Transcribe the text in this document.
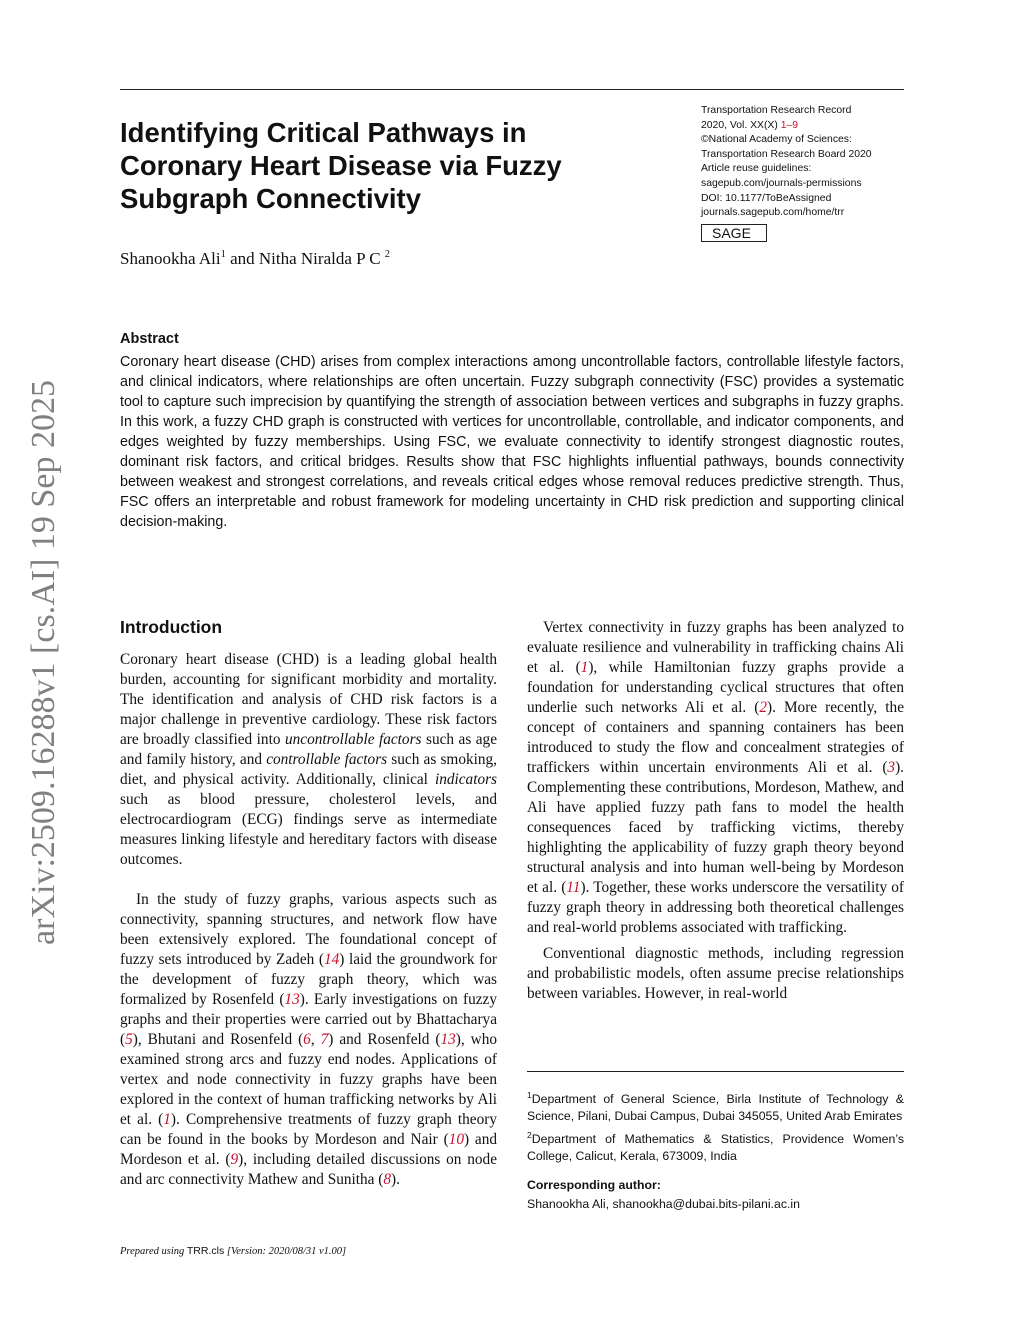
Identifying Critical Pathways in Coronary Heart Disease via Fuzzy Subgraph Connectivity
Transportation Research Record
2020, Vol. XX(X) 1–9
©National Academy of Sciences:
Transportation Research Board 2020
Article reuse guidelines:
sagepub.com/journals-permissions
DOI: 10.1177/ToBeAssigned
journals.sagepub.com/home/trr
SAGE
Shanookha Ali$^1$ and Nitha Niralda P C $^2$
arXiv:2509.16288v1 [cs.AI] 19 Sep 2025
Abstract
Coronary heart disease (CHD) arises from complex interactions among uncontrollable factors, controllable lifestyle factors, and clinical indicators, where relationships are often uncertain. Fuzzy subgraph connectivity (FSC) provides a systematic tool to capture such imprecision by quantifying the strength of association between vertices and subgraphs in fuzzy graphs. In this work, a fuzzy CHD graph is constructed with vertices for uncontrollable, controllable, and indicator components, and edges weighted by fuzzy memberships. Using FSC, we evaluate connectivity to identify strongest diagnostic routes, dominant risk factors, and critical bridges. Results show that FSC highlights influential pathways, bounds connectivity between weakest and strongest correlations, and reveals critical edges whose removal reduces predictive strength. Thus, FSC offers an interpretable and robust framework for modeling uncertainty in CHD risk prediction and supporting clinical decision-making.
Introduction

Coronary heart disease (CHD) is a leading global health burden, accounting for significant morbidity and mortality. The identification and analysis of CHD risk factors is a major challenge in preventive cardiology. These risk factors are broadly classified into uncontrollable factors such as age and family history, and controllable factors such as smoking, diet, and physical activity. Additionally, clinical indicators such as blood pressure, cholesterol levels, and electrocardiogram (ECG) findings serve as intermediate measures linking lifestyle and hereditary factors with disease outcomes.

In the study of fuzzy graphs, various aspects such as connectivity, spanning structures, and network flow have been extensively explored. The foundational concept of fuzzy sets introduced by Zadeh (14) laid the groundwork for the development of fuzzy graph theory, which was formalized by Rosenfeld (13). Early investigations on fuzzy graphs and their properties were carried out by Bhattacharya (5), Bhutani and Rosenfeld (6, 7) and Rosenfeld (13), who examined strong arcs and fuzzy end nodes. Applications of vertex and node connectivity in fuzzy graphs have been explored in the context of human trafficking networks by Ali et al. (1). Comprehensive treatments of fuzzy graph theory can be found in the books by Mordeson and Nair (10) and Mordeson et al. (9), including detailed discussions on node and arc connectivity Mathew and Sunitha (8).

Vertex connectivity in fuzzy graphs has been analyzed to evaluate resilience and vulnerability in trafficking chains Ali et al. (1), while Hamiltonian fuzzy graphs provide a foundation for understanding cyclical structures that often underlie such networks Ali et al. (2). More recently, the concept of containers and spanning containers has been introduced to study the flow and concealment strategies of traffickers within uncertain environments Ali et al. (3). Complementing these contributions, Mordeson, Mathew, and Ali have applied fuzzy path fans to model the health consequences faced by trafficking victims, thereby highlighting the applicability of fuzzy graph theory beyond structural analysis and into human well-being by Mordeson et al. (11). Together, these works underscore the versatility of fuzzy graph theory in addressing both theoretical challenges and real-world problems associated with trafficking.

Conventional diagnostic methods, including regression and probabilistic models, often assume precise relationships between variables. However, in real-world

$^1$Department of General Science, Birla Institute of Technology & Science, Pilani, Dubai Campus, Dubai 345055, United Arab Emirates

$^2$Department of Mathematics & Statistics, Providence Women’s College, Calicut, Kerala, 673009, India

Corresponding author:

Shanookha Ali, shanookha@dubai.bits-pilani.ac.in

Prepared using TRR.cls [Version: 2020/08/31 v1.00]
